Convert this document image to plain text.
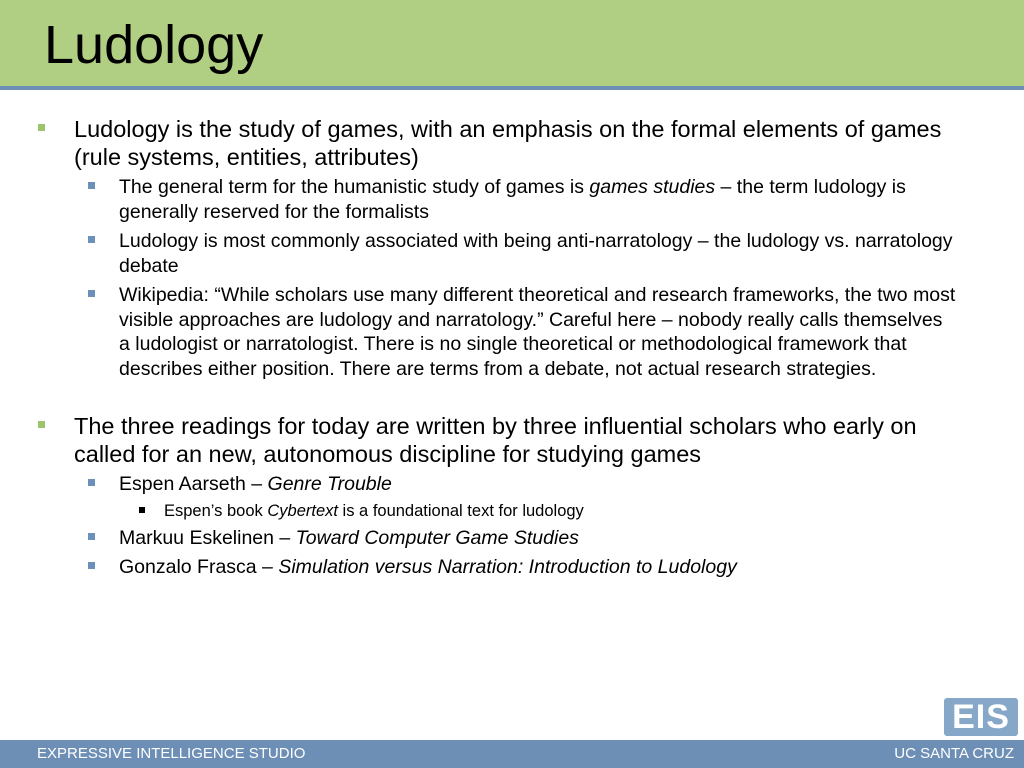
Ludology
Ludology is the study of games, with an emphasis on the formal elements of games (rule systems, entities, attributes)
The general term for the humanistic study of games is games studies – the term ludology is generally reserved for the formalists
Ludology is most commonly associated with being anti-narratology – the ludology vs. narratology debate
Wikipedia: “While scholars use many different theoretical and research frameworks, the two most visible approaches are ludology and narratology.” Careful here – nobody really calls themselves a ludologist or narratologist. There is no single theoretical or methodological framework that describes either position. There are terms from a debate, not actual research strategies.
The three readings for today are written by three influential scholars who early on called for an new, autonomous discipline for studying games
Espen Aarseth – Genre Trouble
Espen’s book Cybertext is a foundational text for ludology
Markuu Eskelinen – Toward Computer Game Studies
Gonzalo Frasca – Simulation versus Narration: Introduction to Ludology
EIS
EXPRESSIVE INTELLIGENCE STUDIO	UC SANTA CRUZ
